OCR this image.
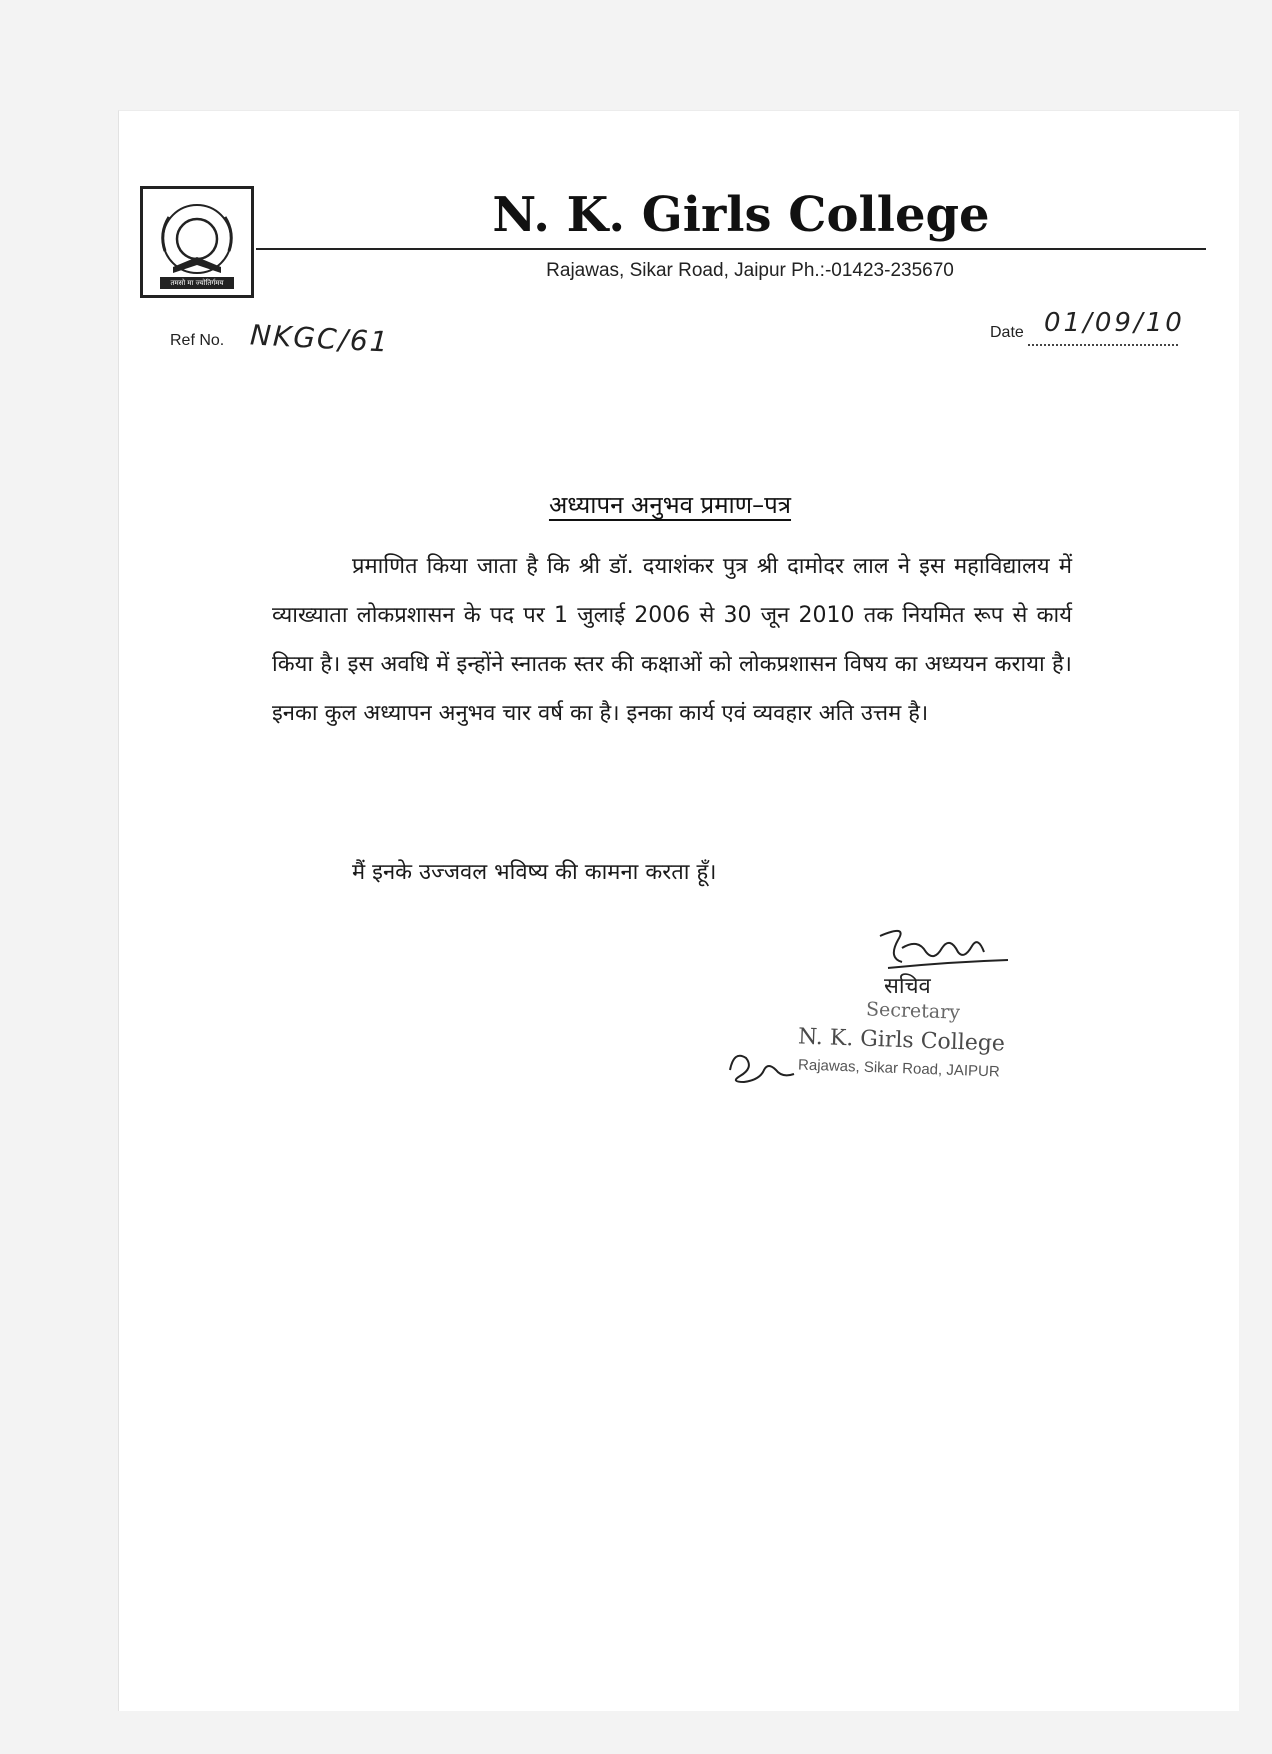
तमसो मा ज्योतिर्गमय
N. K. Girls College
Rajawas, Sikar Road, Jaipur Ph.:-01423-235670
Ref No. NKGC/61	Date 01/09/10
अध्यापन अनुभव प्रमाण–पत्र

प्रमाणित किया जाता है कि श्री डॉ. दयाशंकर पुत्र श्री दामोदर लाल ने इस महाविद्यालय में व्याख्याता लोकप्रशासन के पद पर 1 जुलाई 2006 से 30 जून 2010 तक नियमित रूप से कार्य किया है। इस अवधि में इन्होंने स्नातक स्तर की कक्षाओं को लोकप्रशासन विषय का अध्ययन कराया है। इनका कुल अध्यापन अनुभव चार वर्ष का है। इनका कार्य एवं व्यवहार अति उत्तम है।

मैं इनके उज्जवल भविष्य की कामना करता हूँ।

सचिव
Secretary
N. K. Girls College
Rajawas, Sikar Road, JAIPUR
